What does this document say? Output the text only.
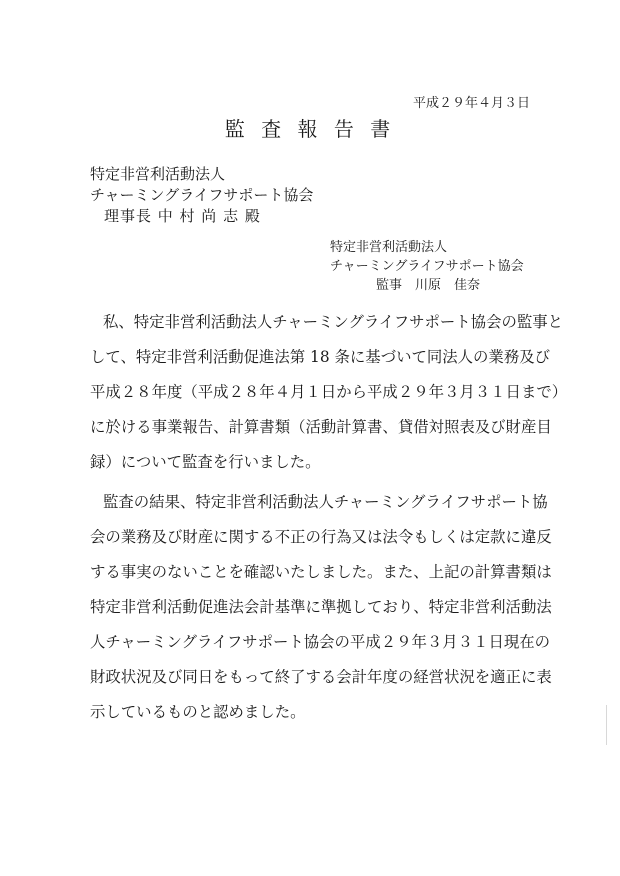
平成２９年４月３日
監 査 報 告 書
特定非営利活動法人
チャーミングライフサポート協会
理事長 中 村 尚 志 殿
特定非営利活動法人
チャーミングライフサポート協会
監事　川原　佳奈
私、特定非営利活動法人チャーミングライフサポート協会の監事と
して、特定非営利活動促進法第 18 条に基づいて同法人の業務及び
平成２８年度（平成２８年４月１日から平成２９年３月３１日まで）
に於ける事業報告、計算書類（活動計算書、貸借対照表及び財産目
録）について監査を行いました。
監査の結果、特定非営利活動法人チャーミングライフサポート協
会の業務及び財産に関する不正の行為又は法令もしくは定款に違反
する事実のないことを確認いたしました。また、上記の計算書類は
特定非営利活動促進法会計基準に準拠しており、特定非営利活動法
人チャーミングライフサポート協会の平成２９年３月３１日現在の
財政状況及び同日をもって終了する会計年度の経営状況を適正に表
示しているものと認めました。
